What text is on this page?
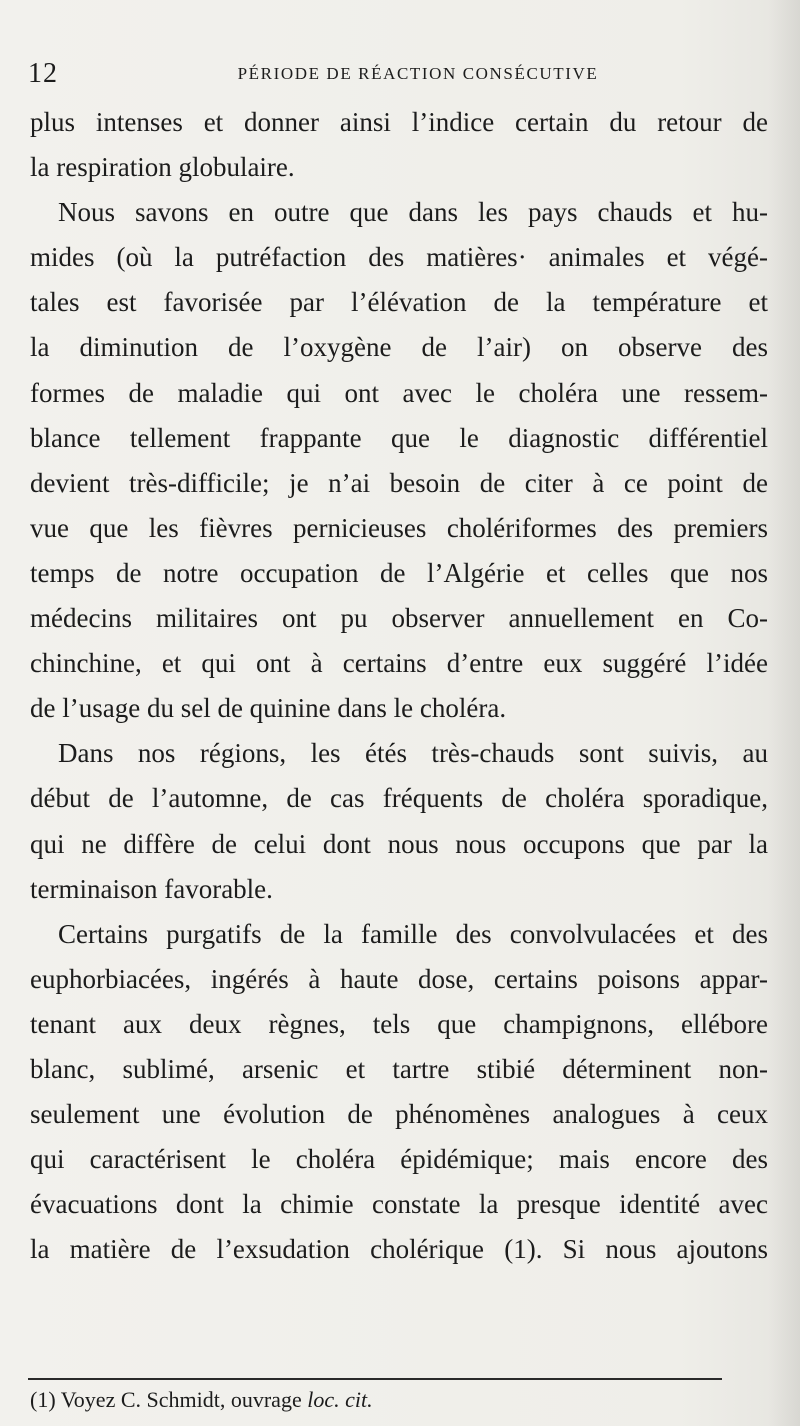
12	PÉRIODE DE RÉACTION CONSÉCUTIVE
plus intenses et donner ainsi l’indice certain du retour de
la respiration globulaire.
Nous savons en outre que dans les pays chauds et hu-
mides (où la putréfaction des matières· animales et végé-
tales est favorisée par l’élévation de la température et
la diminution de l’oxygène de l’air) on observe des
formes de maladie qui ont avec le choléra une ressem-
blance tellement frappante que le diagnostic différentiel
devient très-difficile; je n’ai besoin de citer à ce point de
vue que les fièvres pernicieuses cholériformes des premiers
temps de notre occupation de l’Algérie et celles que nos
médecins militaires ont pu observer annuellement en Co-
chinchine, et qui ont à certains d’entre eux suggéré l’idée
de l’usage du sel de quinine dans le choléra.
Dans nos régions, les étés très-chauds sont suivis, au
début de l’automne, de cas fréquents de choléra sporadique,
qui ne diffère de celui dont nous nous occupons que par la
terminaison favorable.
Certains purgatifs de la famille des convolvulacées et des
euphorbiacées, ingérés à haute dose, certains poisons appar-
tenant aux deux règnes, tels que champignons, ellébore
blanc, sublimé, arsenic et tartre stibié déterminent non-
seulement une évolution de phénomènes analogues à ceux
qui caractérisent le choléra épidémique; mais encore des
évacuations dont la chimie constate la presque identité avec
la matière de l’exsudation cholérique (1). Si nous ajoutons
(1) Voyez C. Schmidt, ouvrage loc. cit.
